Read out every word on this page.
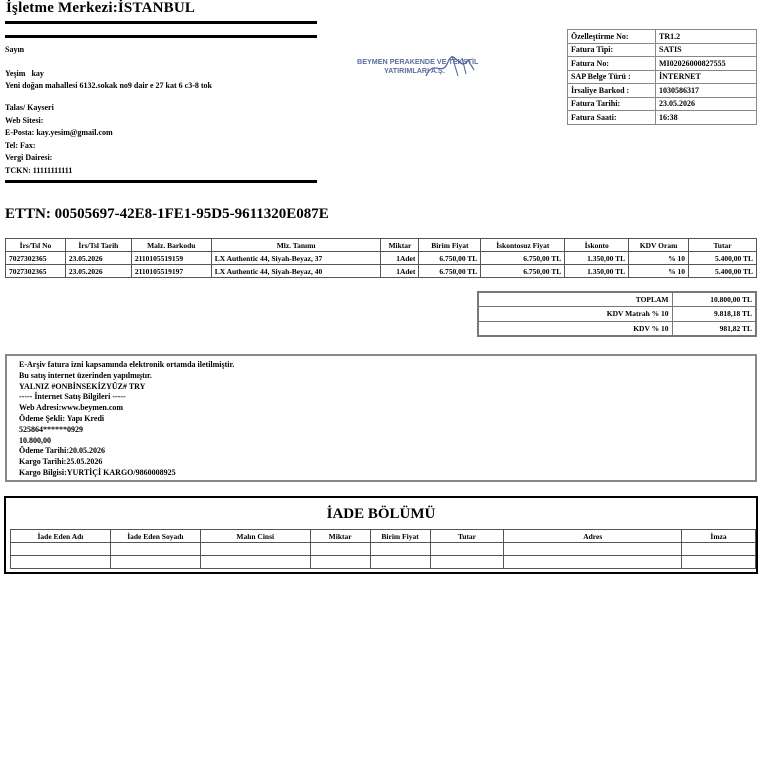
İşletme Merkezi:İSTANBUL
Sayın
Yeşim   kay
Yeni doğan mahallesi 6132.sokak no9 dair e 27 kat 6 c3-8 tok
Talas/ Kayseri
Web Sitesi:
E-Posta: kay.yesim@gmail.com
Tel: Fax:
Vergi Dairesi:
TCKN: 11111111111
BEYMEN PERAKENDE VE TEKSTİL
YATIRIMLARI A.Ş.
Özelleştirme No:	TR1.2
Fatura Tipi:	SATIS
Fatura No:	MI02026000827555
SAP Belge Türü :	İNTERNET
İrsaliye Barkod :	1030586317
Fatura Tarihi:	23.05.2026
Fatura Saati:	16:38
ETTN: 00505697-42E8-1FE1-95D5-9611320E087E
İrs/Tsl No	İrs/Tsl Tarih	Malz. Barkodu	Mlz. Tanımı	Miktar	Birim Fiyat	İskontosuz Fiyat	İskonto	KDV Oranı	Tutar
7027302365	23.05.2026	2110105519159	LX Authentic 44, Siyah-Beyaz, 37	1Adet	6.750,00 TL	6.750,00 TL	1.350,00 TL	% 10	5.400,00 TL
7027302365	23.05.2026	2110105519197	LX Authentic 44, Siyah-Beyaz, 40	1Adet	6.750,00 TL	6.750,00 TL	1.350,00 TL	% 10	5.400,00 TL
TOPLAM	10.800,00 TL
KDV Matrah % 10	9.818,18 TL
KDV % 10	981,82 TL
E-Arşiv fatura izni kapsamında elektronik ortamda iletilmiştir.
Bu satış internet üzerinden yapılmıştır.
YALNIZ #ONBİNSEKİZYÜZ# TRY
----- İnternet Satış Bilgileri -----
Web Adresi:www.beymen.com
Ödeme Şekli: Yapı Kredi
525864******0929
10.800,00
Ödeme Tarihi:20.05.2026
Kargo Tarihi:25.05.2026
Kargo Bilgisi:YURTİÇİ KARGO/9860008925
İADE BÖLÜMÜ
İade Eden Adı	İade Eden Soyadı	Malın Cinsi	Miktar	Birim Fiyat	Tutar	Adres	İmza
